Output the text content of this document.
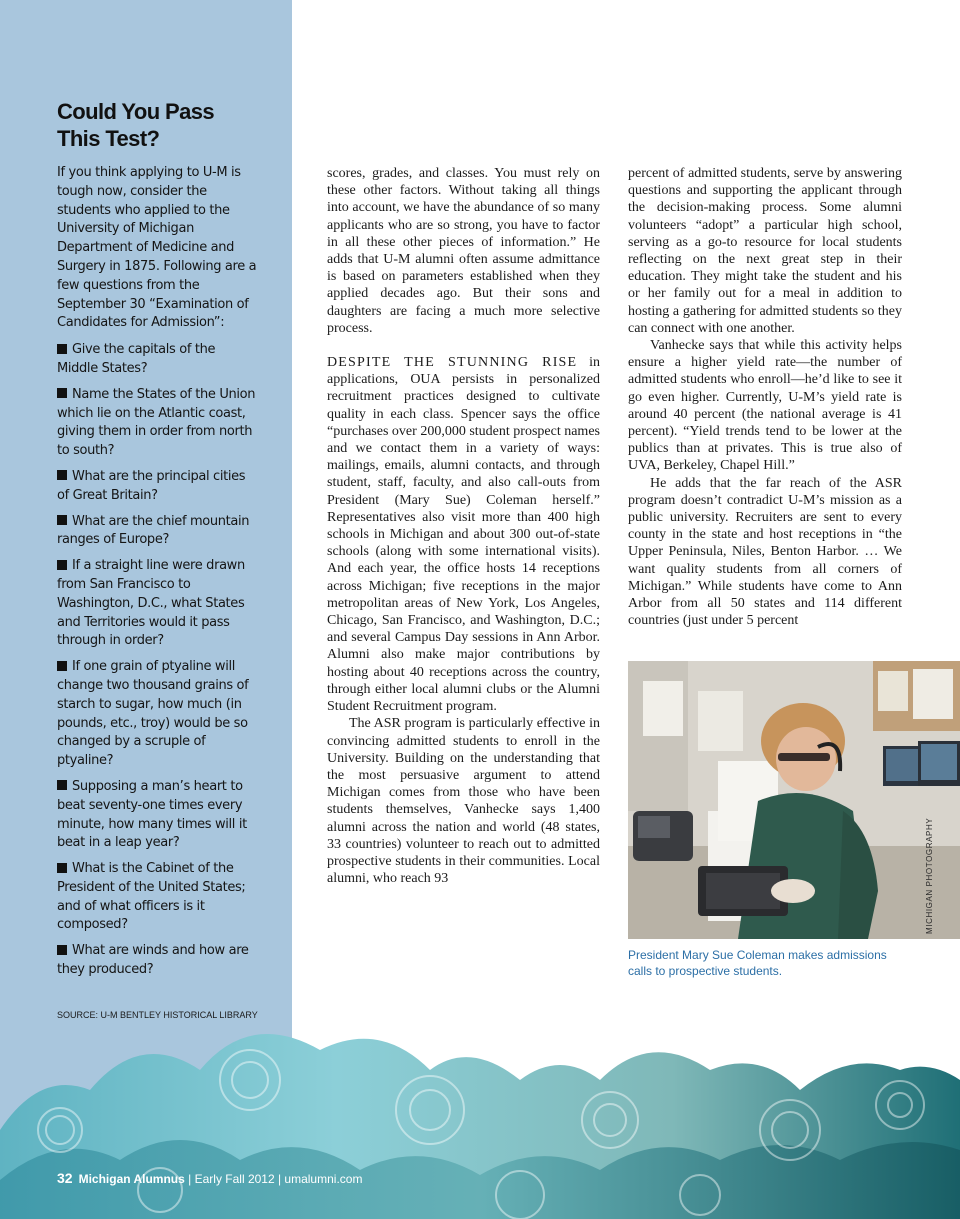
Could You Pass
This Test?

If you think applying to U-M is tough now, consider the students who applied to the University of Michigan Department of Medicine and Surgery in 1875. Following are a few questions from the September 30 “Examination of Candidates for Admission”:

Give the capitals of the Middle States?
Name the States of the Union which lie on the Atlantic coast, giving them in order from north to south?
What are the principal cities of Great Britain?
What are the chief mountain ranges of Europe?
If a straight line were drawn from San Francisco to Washington, D.C., what States and Territories would it pass through in order?
If one grain of ptyaline will change two thousand grains of starch to sugar, how much (in pounds, etc., troy) would be so changed by a scruple of ptyaline?
Supposing a man’s heart to beat seventy-one times every minute, how many times will it beat in a leap year?
What is the Cabinet of the President of the United States; and of what officers is it composed?
What are winds and how are they produced?
SOURCE: U-M BENTLEY HISTORICAL LIBRARY

scores, grades, and classes. You must rely on these other factors. Without taking all things into account, we have the abundance of so many applicants who are so strong, you have to factor in all these other pieces of information.” He adds that U-M alumni often assume admittance is based on parameters established when they applied decades ago. But their sons and daughters are facing a much more selective process.

DESPITE THE STUNNING RISE in applications, OUA persists in personalized recruitment practices designed to cultivate quality in each class. Spencer says the office “purchases over 200,000 student prospect names and we contact them in a variety of ways: mailings, emails, alumni contacts, and through student, staff, faculty, and also call-outs from President (Mary Sue) Coleman herself.” Representatives also visit more than 400 high schools in Michigan and about 300 out-of-state schools (along with some international visits). And each year, the office hosts 14 receptions across Michigan; five receptions in the major metropolitan areas of New York, Los Angeles, Chicago, San Francisco, and Washington, D.C.; and several Campus Day sessions in Ann Arbor. Alumni also make major contributions by hosting about 40 receptions across the country, through either local alumni clubs or the Alumni Student Recruitment program.

The ASR program is particularly effective in convincing admitted students to enroll in the University. Building on the understanding that the most persuasive argument to attend Michigan comes from those who have been students themselves, Vanhecke says 1,400 alumni across the nation and world (48 states, 33 countries) volunteer to reach out to admitted prospective students in their communities. Local alumni, who reach 93

percent of admitted students, serve by answering questions and supporting the applicant through the decision-making process. Some alumni volunteers “adopt” a particular high school, serving as a go-to resource for local students reflecting on the next great step in their education. They might take the student and his or her family out for a meal in addition to hosting a gathering for admitted students so they can connect with one another.

Vanhecke says that while this activity helps ensure a higher yield rate—the number of admitted students who enroll—he’d like to see it go even higher. Currently, U-M’s yield rate is around 40 percent (the national average is 41 percent). “Yield trends tend to be lower at the publics than at privates. This is true also of UVA, Berkeley, Chapel Hill.”

He adds that the far reach of the ASR program doesn’t contradict U-M’s mission as a public university. Recruiters are sent to every county in the state and host receptions in “the Upper Peninsula, Niles, Benton Harbor. … We want quality students from all corners of Michigan.” While students have come to Ann Arbor from all 50 states and 114 different countries (just under 5 percent

MICHIGAN PHOTOGRAPHY

President Mary Sue Coleman makes admissions calls to prospective students.

32 Michigan Alumnus | Early Fall 2012 | umalumni.com
